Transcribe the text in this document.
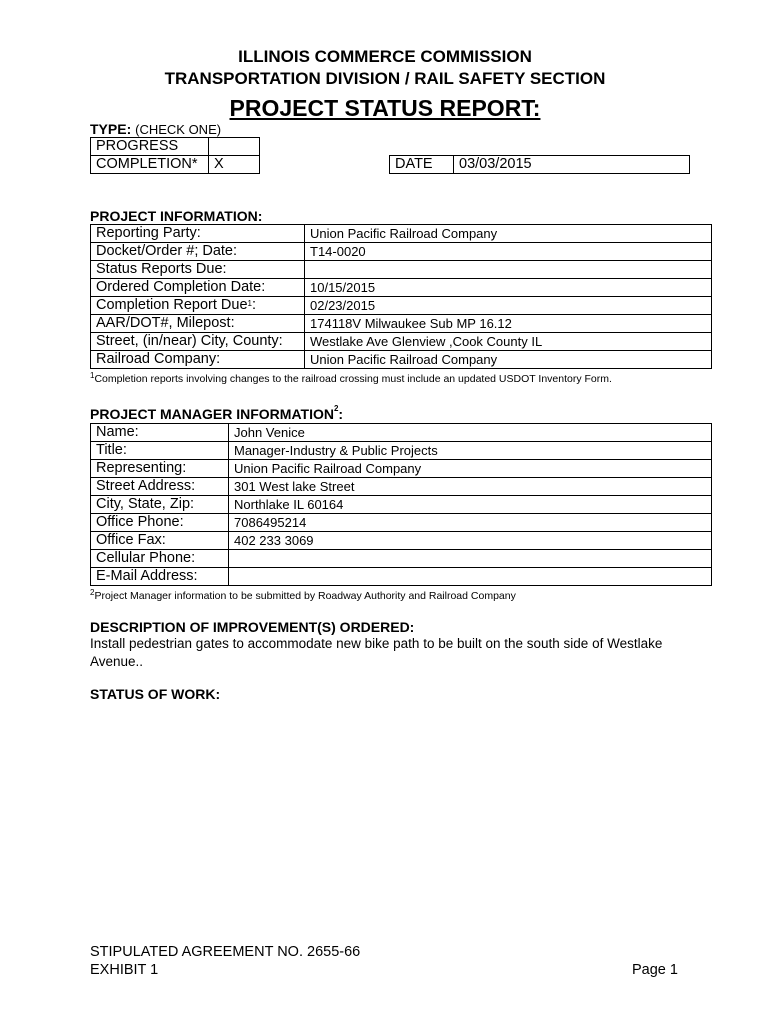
ILLINOIS COMMERCE COMMISSION
TRANSPORTATION DIVISION / RAIL SAFETY SECTION
PROJECT STATUS REPORT:
TYPE: (CHECK ONE)
PROGRESS	
COMPLETION*	X	DATE	03/03/2015
PROJECT INFORMATION:
Reporting Party:	Union Pacific Railroad Company
Docket/Order #; Date:	T14-0020
Status Reports Due:	
Ordered Completion Date:	10/15/2015
Completion Report Due$^1$:	02/23/2015
AAR/DOT#, Milepost:	174118V Milwaukee Sub MP 16.12
Street, (in/near) City, County:	Westlake Ave Glenview ,Cook County IL
Railroad Company:	Union Pacific Railroad Company
$^1$Completion reports involving changes to the railroad crossing must include an updated USDOT Inventory Form.
PROJECT MANAGER INFORMATION$^2$:
Name:	John Venice
Title:	Manager-Industry & Public Projects
Representing:	Union Pacific Railroad Company
Street Address:	301 West lake Street
City, State, Zip:	Northlake IL 60164
Office Phone:	7086495214
Office Fax:	402 233 3069
Cellular Phone:	
E-Mail Address:	
$^2$Project Manager information to be submitted by Roadway Authority and Railroad Company
DESCRIPTION OF IMPROVEMENT(S) ORDERED:
Install pedestrian gates to accommodate new bike path to be built on the south side of Westlake
Avenue..
STATUS OF WORK:
STIPULATED AGREEMENT NO. 2655-66
EXHIBIT 1	Page 1
